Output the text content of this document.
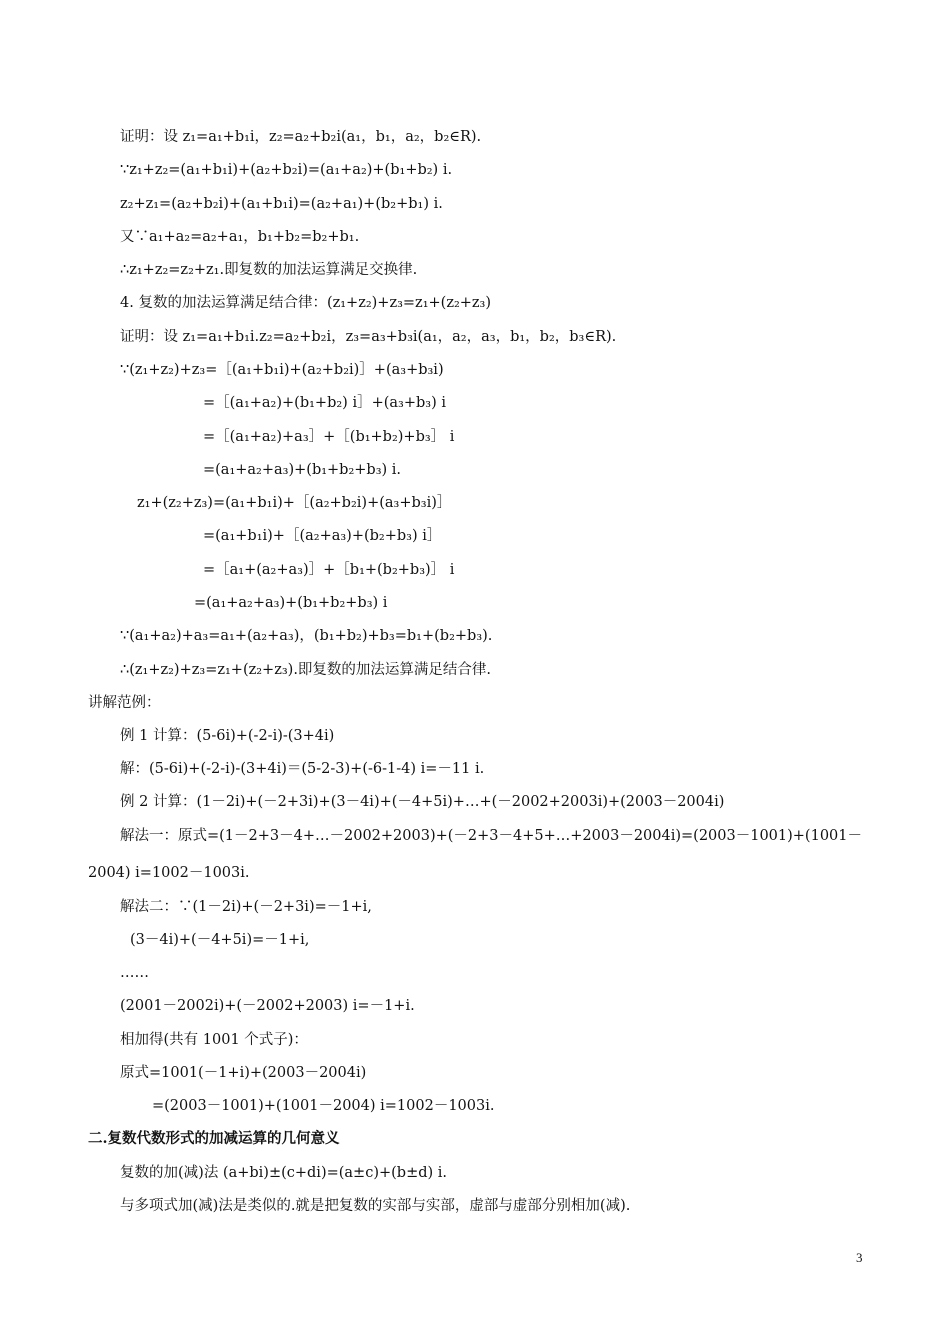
证明：设 z₁=a₁+b₁i，z₂=a₂+b₂i(a₁，b₁，a₂，b₂∈R).
∵z₁+z₂=(a₁+b₁i)+(a₂+b₂i)=(a₁+a₂)+(b₁+b₂) i.
z₂+z₁=(a₂+b₂i)+(a₁+b₁i)=(a₂+a₁)+(b₂+b₁) i.
又∵a₁+a₂=a₂+a₁，b₁+b₂=b₂+b₁.
∴z₁+z₂=z₂+z₁.即复数的加法运算满足交换律.
4. 复数的加法运算满足结合律：(z₁+z₂)+z₃=z₁+(z₂+z₃)
证明：设 z₁=a₁+b₁i.z₂=a₂+b₂i，z₃=a₃+b₃i(a₁，a₂，a₃，b₁，b₂，b₃∈R).
∵(z₁+z₂)+z₃=［(a₁+b₁i)+(a₂+b₂i)］+(a₃+b₃i)
=［(a₁+a₂)+(b₁+b₂) i］+(a₃+b₃) i
=［(a₁+a₂)+a₃］+［(b₁+b₂)+b₃］ i
=(a₁+a₂+a₃)+(b₁+b₂+b₃) i.
z₁+(z₂+z₃)=(a₁+b₁i)+［(a₂+b₂i)+(a₃+b₃i)］
=(a₁+b₁i)+［(a₂+a₃)+(b₂+b₃) i］
=［a₁+(a₂+a₃)］+［b₁+(b₂+b₃)］ i
=(a₁+a₂+a₃)+(b₁+b₂+b₃) i
∵(a₁+a₂)+a₃=a₁+(a₂+a₃)，(b₁+b₂)+b₃=b₁+(b₂+b₃).
∴(z₁+z₂)+z₃=z₁+(z₂+z₃).即复数的加法运算满足结合律.
讲解范例：
例 1 计算：(5-6i)+(-2-i)-(3+4i)
解：(5-6i)+(-2-i)-(3+4i)＝(5-2-3)+(-6-1-4) i=－11 i.
例 2 计算：(1－2i)+(－2+3i)+(3－4i)+(－4+5i)+…+(－2002+2003i)+(2003－2004i)
解法一：原式=(1－2+3－4+…－2002+2003)+(－2+3－4+5+…+2003－2004i)=(2003－1001)+(1001－
2004) i=1002－1003i.
解法二：∵(1－2i)+(－2+3i)=－1+i,
(3－4i)+(－4+5i)=－1+i,
……
(2001－2002i)+(－2002+2003) i=－1+i.
相加得(共有 1001 个式子)：
原式=1001(－1+i)+(2003－2004i)
=(2003－1001)+(1001－2004) i=1002－1003i.
二.复数代数形式的加减运算的几何意义
复数的加(减)法 (a+bi)±(c+di)=(a±c)+(b±d) i.
与多项式加(减)法是类似的.就是把复数的实部与实部，虚部与虚部分别相加(减).
3
